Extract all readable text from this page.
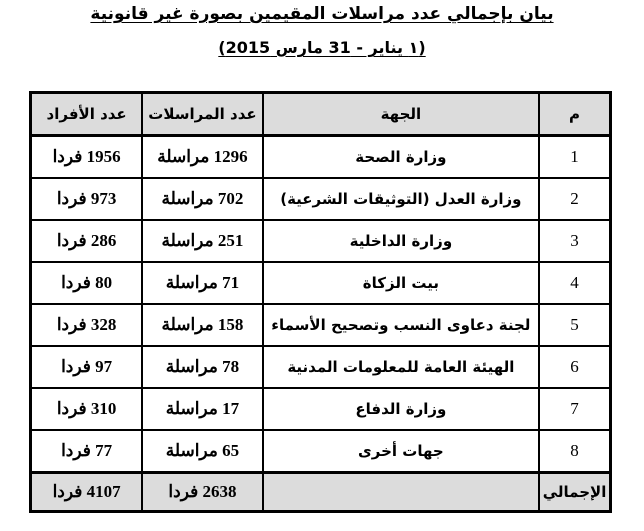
بيان بإجمالي عدد مراسلات المقيمين بصورة غير قانونية
(١ يناير - 31 مارس 2015)
م	الجهة	عدد المراسلات	عدد الأفراد
1	وزارة الصحة	1296 مراسلة	1956 فردا
2	وزارة العدل (التوثيقات الشرعية)	702 مراسلة	973 فردا
3	وزارة الداخلية	251 مراسلة	286 فردا
4	بيت الزكاة	71 مراسلة	80 فردا
5	لجنة دعاوى النسب وتصحيح الأسماء	158 مراسلة	328 فردا
6	الهيئة العامة للمعلومات المدنية	78 مراسلة	97 فردا
7	وزارة الدفاع	17 مراسلة	310 فردا
8	جهات أخرى	65 مراسلة	77 فردا
الإجمالي		2638 فردا	4107 فردا
